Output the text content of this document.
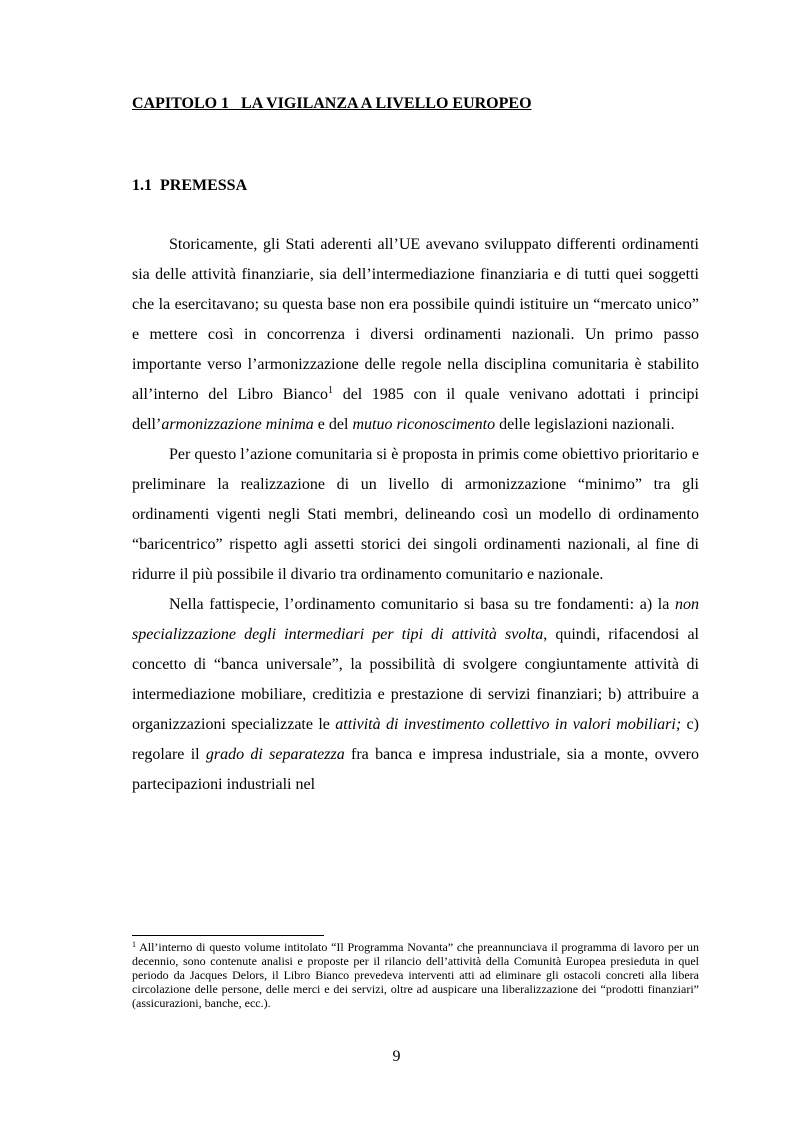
CAPITOLO 1   LA VIGILANZA A LIVELLO EUROPEO
1.1  PREMESSA

Storicamente, gli Stati aderenti all’UE avevano sviluppato differenti ordinamenti sia delle attività finanziarie, sia dell’intermediazione finanziaria e di tutti quei soggetti che la esercitavano; su questa base non era possibile quindi istituire un “mercato unico” e mettere così in concorrenza i diversi ordinamenti nazionali. Un primo passo importante verso l’armonizzazione delle regole nella disciplina comunitaria è stabilito all’interno del Libro Bianco$^1$ del 1985 con il quale venivano adottati i principi dell’armonizzazione minima e del mutuo riconoscimento delle legislazioni nazionali.

Per questo l’azione comunitaria si è proposta in primis come obiettivo prioritario e preliminare la realizzazione di un livello di armonizzazione “minimo” tra gli ordinamenti vigenti negli Stati membri, delineando così un modello di ordinamento “baricentrico” rispetto agli assetti storici dei singoli ordinamenti nazionali, al fine di ridurre il più possibile il divario tra ordinamento comunitario e nazionale.

Nella fattispecie, l’ordinamento comunitario si basa su tre fondamenti: a) la non specializzazione degli intermediari per tipi di attività svolta, quindi, rifacendosi al concetto di “banca universale”, la possibilità di svolgere congiuntamente attività di intermediazione mobiliare, creditizia e prestazione di servizi finanziari; b) attribuire a organizzazioni specializzate le attività di investimento collettivo in valori mobiliari; c) regolare il grado di separatezza fra banca e impresa industriale, sia a monte, ovvero partecipazioni industriali nel

$^1$ All’interno di questo volume intitolato “Il Programma Novanta” che preannunciava il programma di lavoro per un decennio, sono contenute analisi e proposte per il rilancio dell’attività della Comunità Europea presieduta in quel periodo da Jacques Delors, il Libro Bianco prevedeva interventi atti ad eliminare gli ostacoli concreti alla libera circolazione delle persone, delle merci e dei servizi, oltre ad auspicare una liberalizzazione dei “prodotti finanziari” (assicurazioni, banche, ecc.).

9
